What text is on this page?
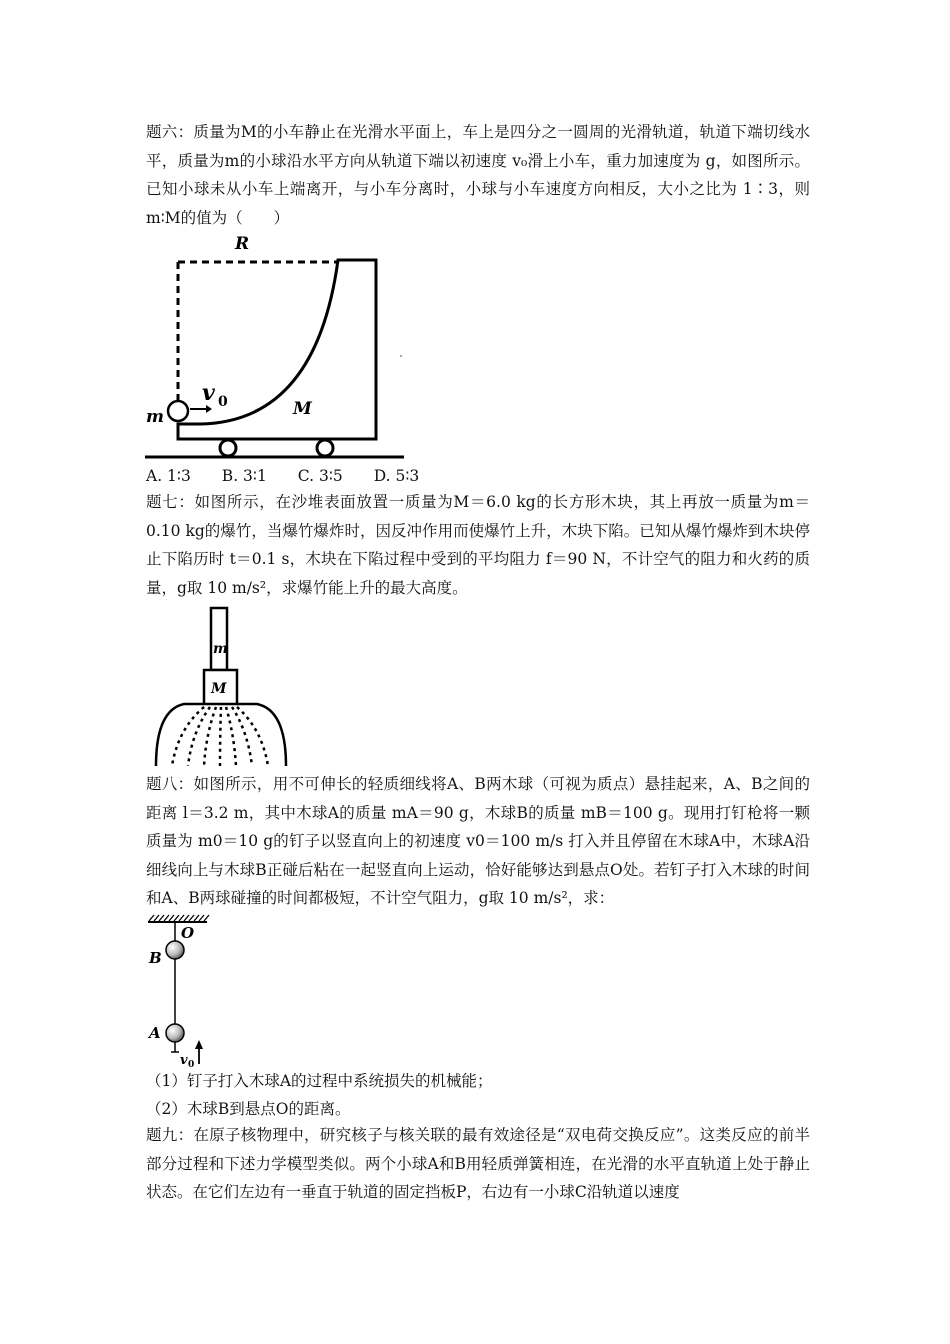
题六：质量为M的小车静止在光滑水平面上，车上是四分之一圆周的光滑轨道，轨道下端切线水平，质量为m的小球沿水平方向从轨道下端以初速度 v₀滑上小车，重力加速度为 g，如图所示。已知小球未从小车上端离开，与小车分离时，小球与小车速度方向相反，大小之比为 1∶3，则 m∶M的值为（　　）

R
v 0
m	M

A. 1∶3　　B. 3∶1　　C. 3∶5　　D. 5∶3

题七：如图所示，在沙堆表面放置一质量为M＝6.0 kg的长方形木块，其上再放一质量为m＝0.10 kg的爆竹，当爆竹爆炸时，因反冲作用而使爆竹上升，木块下陷。已知从爆竹爆炸到木块停止下陷历时 t＝0.1 s，木块在下陷过程中受到的平均阻力 f＝90 N，不计空气的阻力和火药的质量，g取 10 m/s²，求爆竹能上升的最大高度。

m
M

题八：如图所示，用不可伸长的轻质细线将A、B两木球（可视为质点）悬挂起来，A、B之间的距离 l＝3.2 m，其中木球A的质量 mA＝90 g，木球B的质量 mB＝100 g。现用打钉枪将一颗质量为 m0＝10 g的钉子以竖直向上的初速度 v0＝100 m/s 打入并且停留在木球A中，木球A沿细线向上与木球B正碰后粘在一起竖直向上运动，恰好能够达到悬点O处。若钉子打入木球的时间和A、B两球碰撞的时间都极短，不计空气阻力，g取 10 m/s²，求：

O
B
A
v 0

（1）钉子打入木球A的过程中系统损失的机械能；

（2）木球B到悬点O的距离。

题九：在原子核物理中，研究核子与核关联的最有效途径是“双电荷交换反应”。这类反应的前半部分过程和下述力学模型类似。两个小球A和B用轻质弹簧相连，在光滑的水平直轨道上处于静止状态。在它们左边有一垂直于轨道的固定挡板P，右边有一小球C沿轨道以速度
